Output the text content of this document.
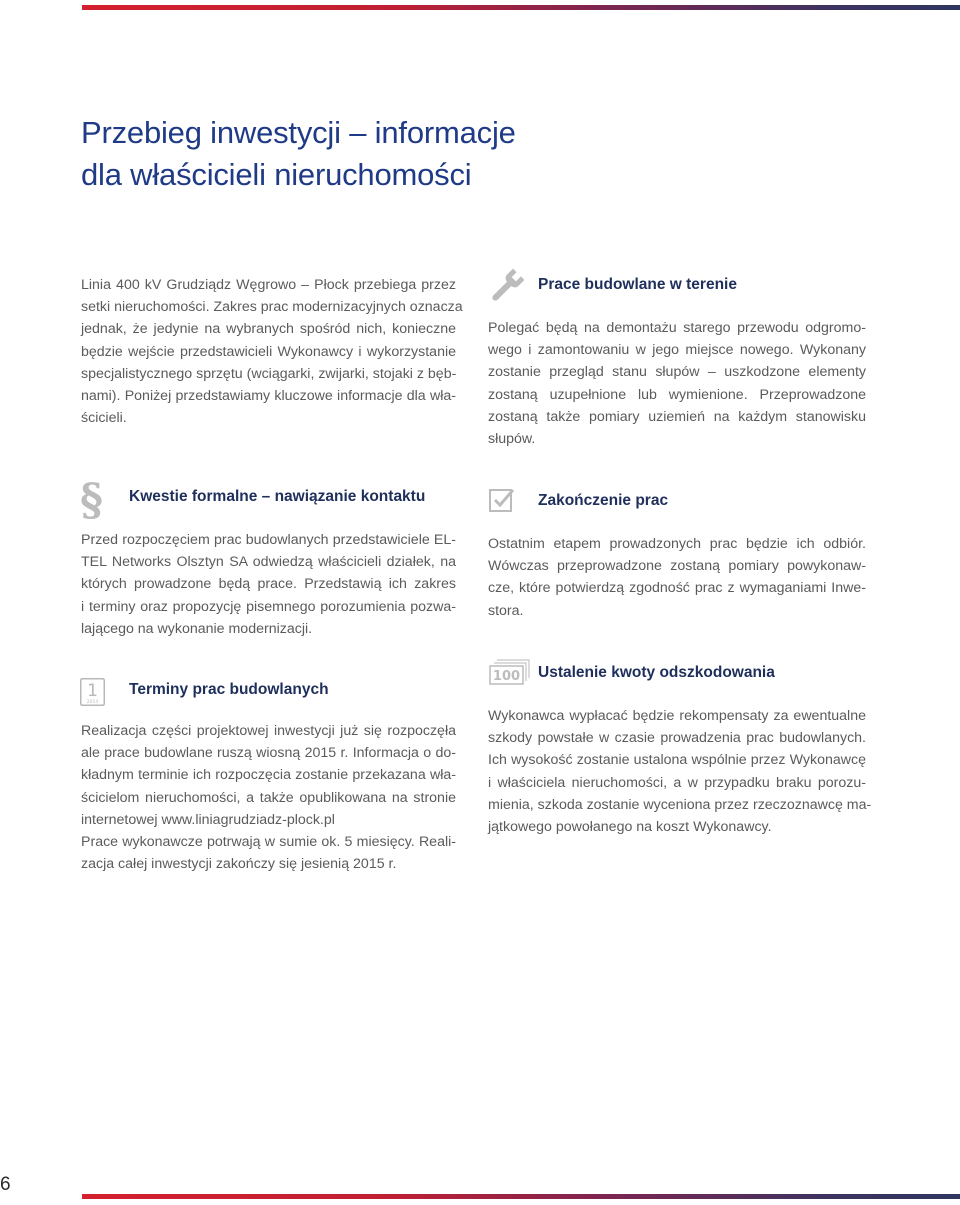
Przebieg inwestycji – informacje
dla właścicieli nieruchomości
Linia 400 kV Grudziądz Węgrowo – Płock przebiega przez
setki nieruchomości. Zakres prac modernizacyjnych oznacza
jednak, że jedynie na wybranych spośród nich, konieczne
będzie wejście przedstawicieli Wykonawcy i wykorzystanie
specjalistycznego sprzętu (wciągarki, zwijarki, stojaki z bęb-
nami). Poniżej przedstawiamy kluczowe informacje dla wła-
ścicieli.
§ Kwestie formalne – nawiązanie kontaktu
Przed rozpoczęciem prac budowlanych przedstawiciele EL-
TEL Networks Olsztyn SA odwiedzą właścicieli działek, na
których prowadzone będą prace. Przedstawią ich zakres
i terminy oraz propozycję pisemnego porozumienia pozwa-
lającego na wykonanie modernizacji.
1
2014
Terminy prac budowlanych
Realizacja części projektowej inwestycji już się rozpoczęła
ale prace budowlane ruszą wiosną 2015 r. Informacja o do-
kładnym terminie ich rozpoczęcia zostanie przekazana wła-
ścicielom nieruchomości, a także opublikowana na stronie
internetowej www.liniagrudziadz-plock.pl
Prace wykonawcze potrwają w sumie ok. 5 miesięcy. Reali-
zacja całej inwestycji zakończy się jesienią 2015 r.
Prace budowlane w terenie
Polegać będą na demontażu starego przewodu odgromo-
wego i zamontowaniu w jego miejsce nowego. Wykonany
zostanie przegląd stanu słupów – uszkodzone elementy
zostaną uzupełnione lub wymienione. Przeprowadzone
zostaną także pomiary uziemień na każdym stanowisku
słupów.
Zakończenie prac
Ostatnim etapem prowadzonych prac będzie ich odbiór.
Wówczas przeprowadzone zostaną pomiary powykonaw-
cze, które potwierdzą zgodność prac z wymaganiami Inwe-
stora.
100 Ustalenie kwoty odszkodowania
Wykonawca wypłacać będzie rekompensaty za ewentualne
szkody powstałe w czasie prowadzenia prac budowlanych.
Ich wysokość zostanie ustalona wspólnie przez Wykonawcę
i właściciela nieruchomości, a w przypadku braku porozu-
mienia, szkoda zostanie wyceniona przez rzeczoznawcę ma-
jątkowego powołanego na koszt Wykonawcy.
6
